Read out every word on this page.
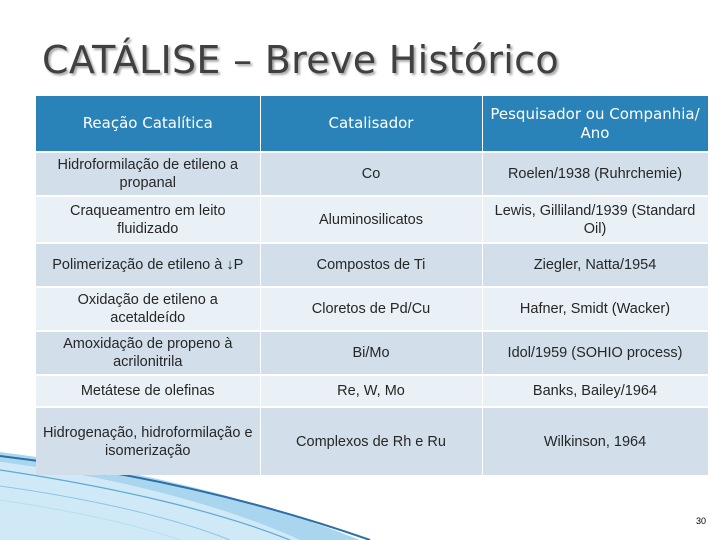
CATÁLISE – Breve Histórico
Reação Catalítica	Catalisador	Pesquisador ou Companhia/ Ano
Hidroformilação de etileno a propanal	Co	Roelen/1938 (Ruhrchemie)
Craqueamentro em leito fluidizado	Aluminosilicatos	Lewis, Gilliland/1939 (Standard Oil)
Polimerização de etileno à ↓P	Compostos de Ti	Ziegler, Natta/1954
Oxidação de etileno a acetaldeído	Cloretos de Pd/Cu	Hafner, Smidt (Wacker)
Amoxidação de propeno à acrilonitrila	Bi/Mo	Idol/1959 (SOHIO process)
Metátese de olefinas	Re, W, Mo	Banks, Bailey/1964
Hidrogenação, hidroformilação e isomerização	Complexos de Rh e Ru	Wilkinson, 1964
30
